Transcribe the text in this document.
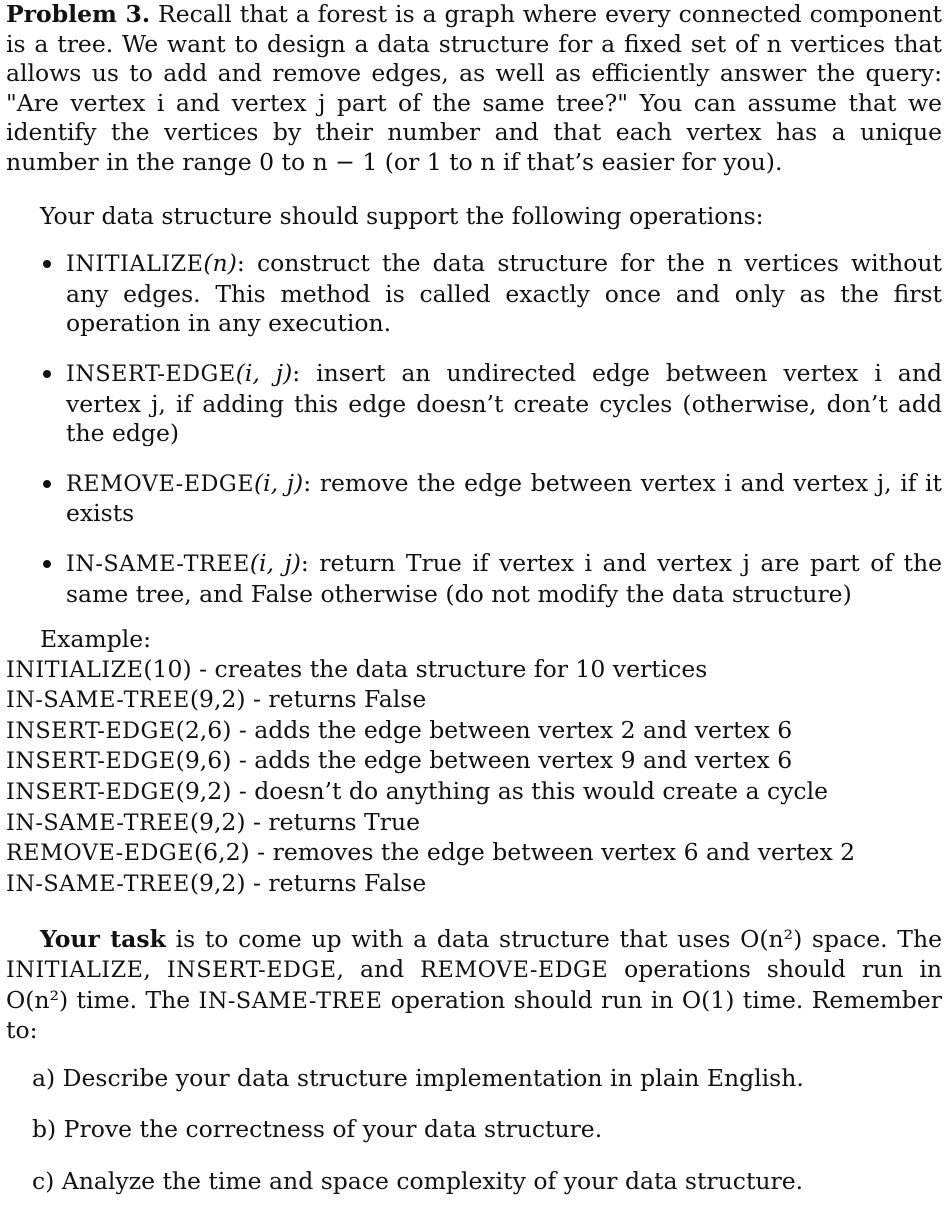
Problem 3. Recall that a forest is a graph where every connected component is a tree. We want to design a data structure for a fixed set of n vertices that allows us to add and remove edges, as well as efficiently answer the query: "Are vertex i and vertex j part of the same tree?" You can assume that we identify the vertices by their number and that each vertex has a unique number in the range 0 to n − 1 (or 1 to n if that’s easier for you).

Your data structure should support the following operations:

INITIALIZE(n): construct the data structure for the n vertices without any edges. This method is called exactly once and only as the first operation in any execution.
INSERT-EDGE(i, j): insert an undirected edge between vertex i and vertex j, if adding this edge doesn’t create cycles (otherwise, don’t add the edge)
REMOVE-EDGE(i, j): remove the edge between vertex i and vertex j, if it exists
IN-SAME-TREE(i, j): return True if vertex i and vertex j are part of the same tree, and False otherwise (do not modify the data structure)

Example:

INITIALIZE(10) - creates the data structure for 10 vertices
IN-SAME-TREE(9,2) - returns False
INSERT-EDGE(2,6) - adds the edge between vertex 2 and vertex 6
INSERT-EDGE(9,6) - adds the edge between vertex 9 and vertex 6
INSERT-EDGE(9,2) - doesn’t do anything as this would create a cycle
IN-SAME-TREE(9,2) - returns True
REMOVE-EDGE(6,2) - removes the edge between vertex 6 and vertex 2
IN-SAME-TREE(9,2) - returns False

Your task is to come up with a data structure that uses O(n²) space. The INITIALIZE, INSERT-EDGE, and REMOVE-EDGE operations should run in O(n²) time. The IN-SAME-TREE operation should run in O(1) time. Remember to:

a) Describe your data structure implementation in plain English.
b) Prove the correctness of your data structure.
c) Analyze the time and space complexity of your data structure.
